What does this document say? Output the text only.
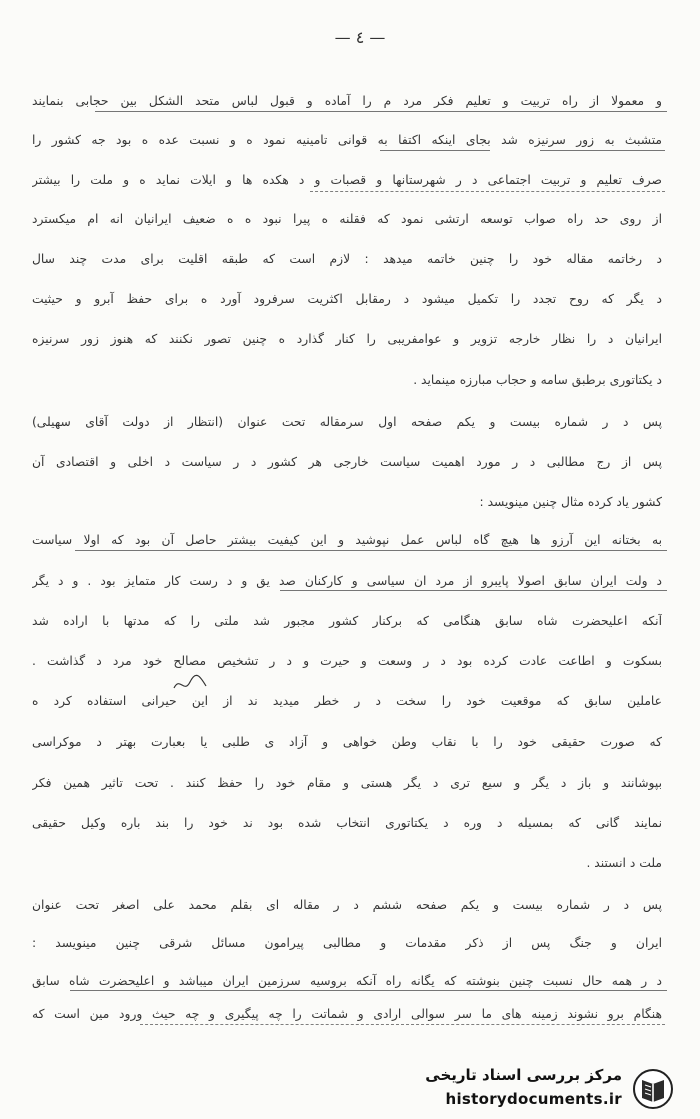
— ٤ —
و معمولا از راه تربیت و تعلیم فکر مرد م را آماده و قبول لباس متحد الشکل بین حجابی بنمایند
متشبث به زور سرنیزه شد بجای اینکه اکتفا به قوانی تامینیه نمود ه و نسبت عده ه بود جه کشور را
صرف تعلیم و تربیت اجتماعی د ر شهرستانها و قصبات و د هکده ها و ایلات نماید ه و ملت را بیشتر
از روی حد راه صواب توسعه ارتشی نمود که فقلنه ه پیرا نبود ه ه ضعیف ایرانیان انه ام میکسترد
د رخاتمه مقاله خود را چنین خاتمه میدهد : لازم است که طبقه اقلیت برای مدت چند سال
د یگر که روح تجدد را تکمیل میشود د رمقابل اکثریت سرفرود آورد ه برای حفظ آبرو و حیثیت
ایرانیان د را نظار خارجه تزویر و عوامفریبی را کنار گذارد ه چنین تصور نکنند که هنوز زور سرنیزه
د یکتاتوری برطبق سامه و حجاب مبارزه مینماید .
پس د ر شماره بیست و یکم صفحه اول سرمقاله تحت عنوان (انتظار از دولت آقای سهیلی)
پس از رج مطالبی د ر مورد اهمیت سیاست خارجی هر کشور د ر سیاست د اخلی و اقتصادی آن
کشور یاد کرده مثال چنین مینویسد :
به بختانه این آرزو ها هیچ گاه لباس عمل نپوشید و این کیفیت بیشتر حاصل آن بود که اولا سیاست
د ولت ایران سابق اصولا پایبرو از مرد ان سیاسی و کارکنان صد یق و د رست کار متمایز بود . و د یگر
آنکه اعلیحضرت شاه سابق هنگامی که برکنار کشور مجبور شد ملتی را که مدتها با اراده شد
بسکوت و اطاعت عادت کرده بود د ر وسعت و حیرت و د ر تشخیص مصالح خود مرد د گذاشت .
عاملین سابق که موقعیت خود را سخت د ر خطر میدید ند از این حیرانی استفاده کرد ه
که صورت حقیقی خود را با نقاب وطن خواهی و آزاد ی طلبی یا بعبارت بهتر د موکراسی
بپوشانند و باز د یگر و سیع تری د یگر هستی و مقام خود را حفظ کنند . تحت تاثیر همین فکر
نمایند گانی که بمسیله د وره د یکتاتوری انتخاب شده بود ند خود را بند باره وکیل حقیقی
ملت د انستند .
پس د ر شماره بیست و یکم صفحه ششم د ر مقاله ای بقلم محمد علی اصغر تحت عنوان
ایران و جنگ پس از ذکر مقدمات و مطالبی پیرامون مسائل شرقی چنین مینویسد :
د ر همه حال نسبت چنین بنوشته که یگانه راه آنکه بروسیه سرزمین ایران میباشد و اعلیحضرت شاه سابق
هنگام برو نشوند زمینه های ما سر سوالی ارادی و شماتت را چه پیگیری و چه حیث ورود مین است که
مرکز بررسی اسناد تاریخی
historydocuments.ir
